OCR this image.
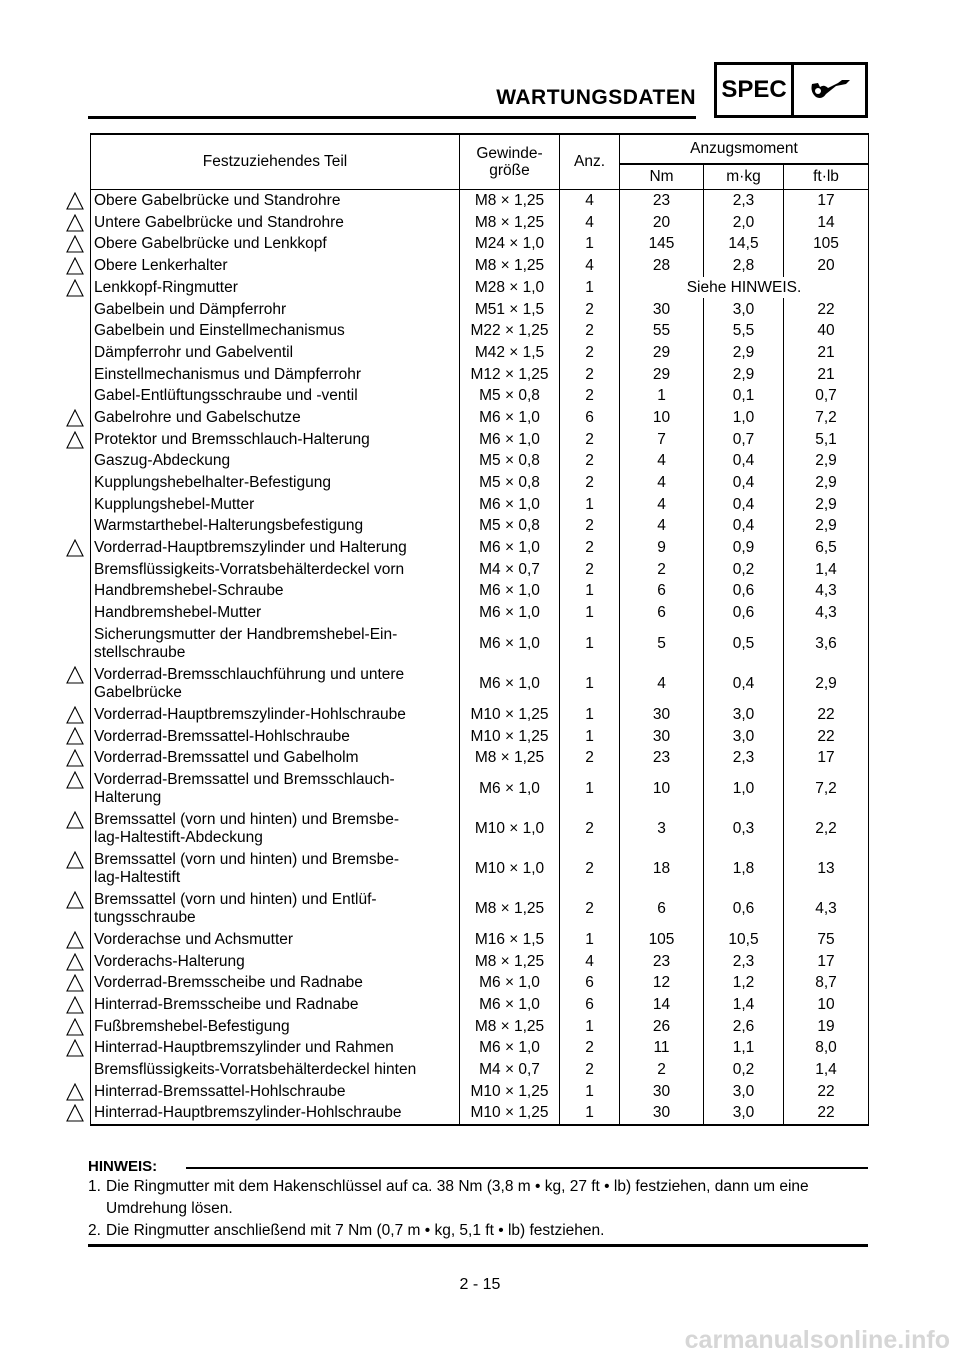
WARTUNGSDATEN	SPEC
Festzuziehendes Teil	Gewinde-
größe	Anz.	Anzugsmoment		
			Nm	m·kg	ft·lb
Obere Gabelbrücke und Standrohre	M8 × 1,25	4	23	2,3	17
Untere Gabelbrücke und Standrohre	M8 × 1,25	4	20	2,0	14
Obere Gabelbrücke und Lenkkopf	M24 × 1,0	1	145	14,5	105
Obere Lenkerhalter	M8 × 1,25	4	28	2,8	20
Lenkkopf-Ringmutter	M28 × 1,0	1	Siehe HINWEIS.		
Gabelbein und Dämpferrohr	M51 × 1,5	2	30	3,0	22
Gabelbein und Einstellmechanismus	M22 × 1,25	2	55	5,5	40
Dämpferrohr und Gabelventil	M42 × 1,5	2	29	2,9	21
Einstellmechanismus und Dämpferrohr	M12 × 1,25	2	29	2,9	21
Gabel-Entlüftungsschraube und -ventil	M5 × 0,8	2	1	0,1	0,7
Gabelrohre und Gabelschutze	M6 × 1,0	6	10	1,0	7,2
Protektor und Bremsschlauch-Halterung	M6 × 1,0	2	7	0,7	5,1
Gaszug-Abdeckung	M5 × 0,8	2	4	0,4	2,9
Kupplungshebelhalter-Befestigung	M5 × 0,8	2	4	0,4	2,9
Kupplungshebel-Mutter	M6 × 1,0	1	4	0,4	2,9
Warmstarthebel-Halterungsbefestigung	M5 × 0,8	2	4	0,4	2,9
Vorderrad-Hauptbremszylinder und Halterung	M6 × 1,0	2	9	0,9	6,5
Bremsflüssigkeits-Vorratsbehälterdeckel vorn	M4 × 0,7	2	2	0,2	1,4
Handbremshebel-Schraube	M6 × 1,0	1	6	0,6	4,3
Handbremshebel-Mutter	M6 × 1,0	1	6	0,6	4,3
Sicherungsmutter der Handbremshebel-Ein-
stellschraube	M6 × 1,0	1	5	0,5	3,6
Vorderrad-Bremsschlauchführung und untere
Gabelbrücke	M6 × 1,0	1	4	0,4	2,9
Vorderrad-Hauptbremszylinder-Hohlschraube	M10 × 1,25	1	30	3,0	22
Vorderrad-Bremssattel-Hohlschraube	M10 × 1,25	1	30	3,0	22
Vorderrad-Bremssattel und Gabelholm	M8 × 1,25	2	23	2,3	17
Vorderrad-Bremssattel und Bremsschlauch-
Halterung	M6 × 1,0	1	10	1,0	7,2
Bremssattel (vorn und hinten) und Bremsbe-
lag-Haltestift-Abdeckung	M10 × 1,0	2	3	0,3	2,2
Bremssattel (vorn und hinten) und Bremsbe-
lag-Haltestift	M10 × 1,0	2	18	1,8	13
Bremssattel (vorn und hinten) und Entlüf-
tungsschraube	M8 × 1,25	2	6	0,6	4,3
Vorderachse und Achsmutter	M16 × 1,5	1	105	10,5	75
Vorderachs-Halterung	M8 × 1,25	4	23	2,3	17
Vorderrad-Bremsscheibe und Radnabe	M6 × 1,0	6	12	1,2	8,7
Hinterrad-Bremsscheibe und Radnabe	M6 × 1,0	6	14	1,4	10
Fußbremshebel-Befestigung	M8 × 1,25	1	26	2,6	19
Hinterrad-Hauptbremszylinder und Rahmen	M6 × 1,0	2	11	1,1	8,0
Bremsflüssigkeits-Vorratsbehälterdeckel hinten	M4 × 0,7	2	2	0,2	1,4
Hinterrad-Bremssattel-Hohlschraube	M10 × 1,25	1	30	3,0	22
Hinterrad-Hauptbremszylinder-Hohlschraube	M10 × 1,25	1	30	3,0	22
HINWEIS:
1. Die Ringmutter mit dem Hakenschlüssel auf ca. 38 Nm (3,8 m • kg, 27 ft • lb) festziehen, dann um eine Umdrehung lösen.
2. Die Ringmutter anschließend mit 7 Nm (0,7 m • kg, 5,1 ft • lb) festziehen.
2 - 15
carmanualsonline.info
